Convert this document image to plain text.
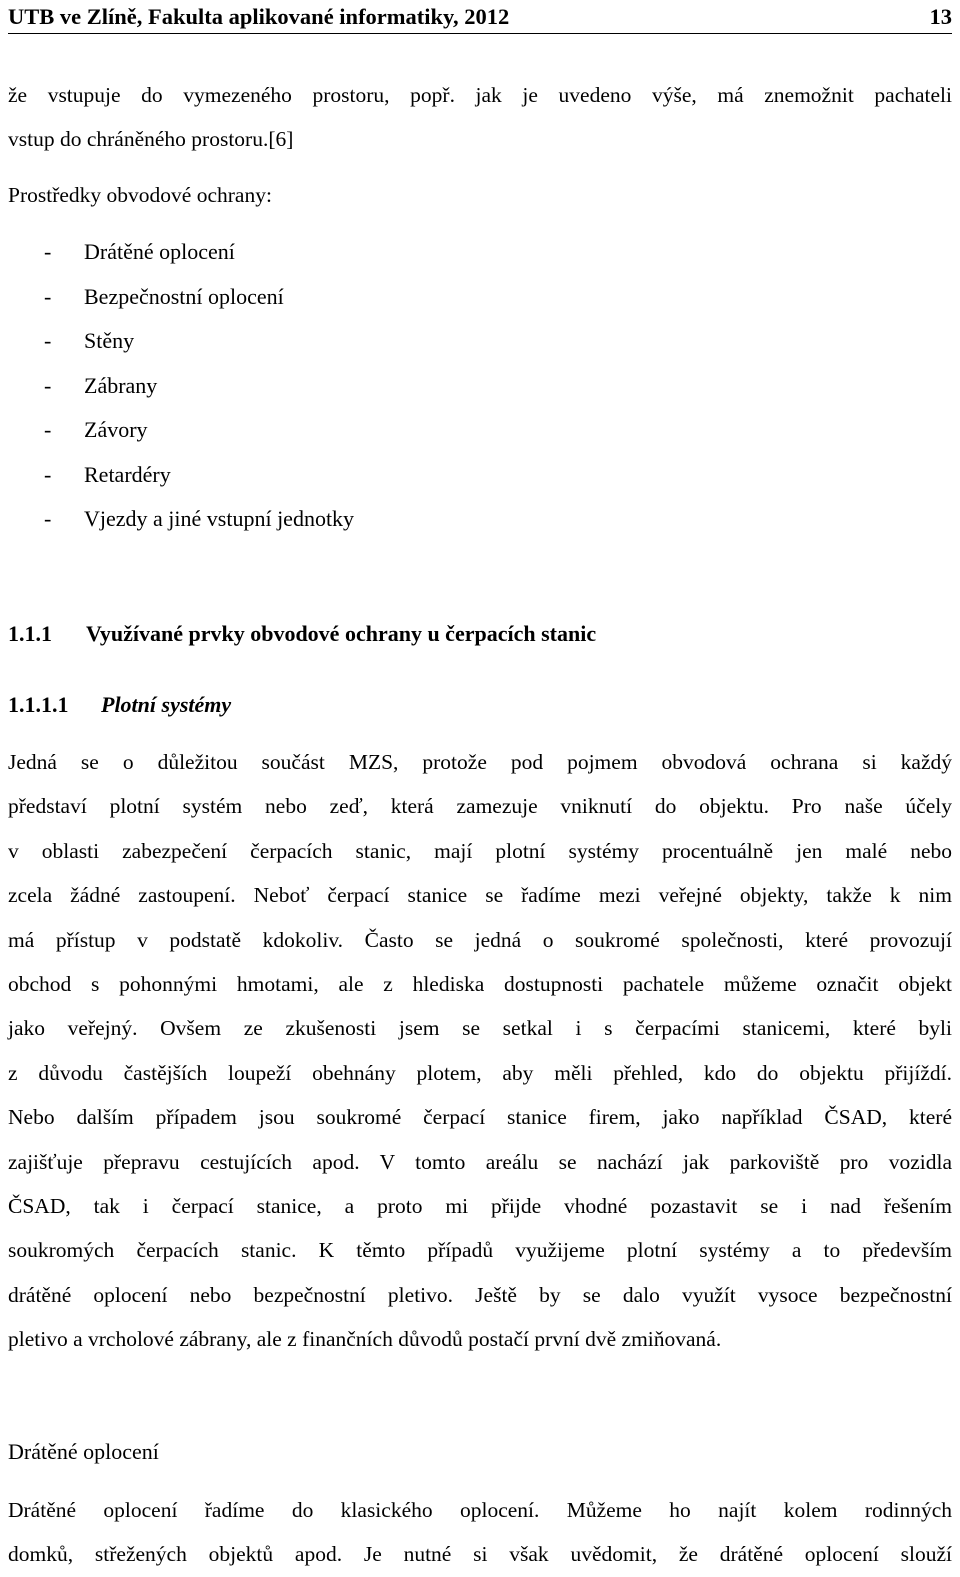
UTB ve Zlíně, Fakulta aplikované informatiky, 2012	13
že vstupuje do vymezeného prostoru, popř. jak je uvedeno výše, má znemožnit pachateli
vstup do chráněného prostoru.[6]
Prostředky obvodové ochrany:
- Drátěné oplocení
- Bezpečnostní oplocení
- Stěny
- Zábrany
- Závory
- Retardéry
- Vjezdy a jiné vstupní jednotky
1.1.1 Využívané prvky obvodové ochrany u čerpacích stanic
1.1.1.1 Plotní systémy
Jedná se o důležitou součást MZS, protože pod pojmem obvodová ochrana si každý
představí plotní systém nebo zeď, která zamezuje vniknutí do objektu. Pro naše účely
v oblasti zabezpečení čerpacích stanic, mají plotní systémy procentuálně jen malé nebo
zcela žádné zastoupení. Neboť čerpací stanice se řadíme mezi veřejné objekty, takže k nim
má přístup v podstatě kdokoliv. Často se jedná o soukromé společnosti, které provozují
obchod s pohonnými hmotami, ale z hlediska dostupnosti pachatele můžeme označit objekt
jako veřejný. Ovšem ze zkušenosti jsem se setkal i s čerpacími stanicemi, které byli
z důvodu častějších loupeží obehnány plotem, aby měli přehled, kdo do objektu přijíždí.
Nebo dalším případem jsou soukromé čerpací stanice firem, jako například ČSAD, které
zajišťuje přepravu cestujících apod. V tomto areálu se nachází jak parkoviště pro vozidla
ČSAD, tak i čerpací stanice, a proto mi přijde vhodné pozastavit se i nad řešením
soukromých čerpacích stanic. K těmto případů využijeme plotní systémy a to především
drátěné oplocení nebo bezpečnostní pletivo. Ještě by se dalo využít vysoce bezpečnostní
pletivo a vrcholové zábrany, ale z finančních důvodů postačí první dvě zmiňovaná.
Drátěné oplocení
Drátěné oplocení řadíme do klasického oplocení. Můžeme ho najít kolem rodinných
domků, střežených objektů apod. Je nutné si však uvědomit, že drátěné oplocení slouží
